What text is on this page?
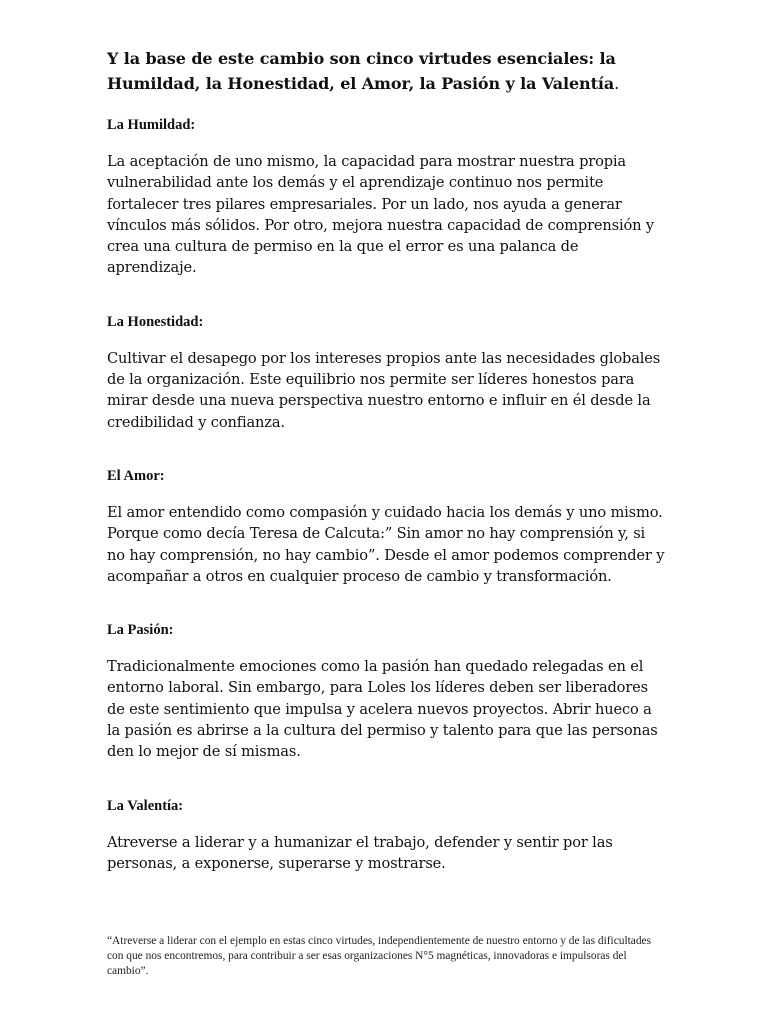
Y la base de este cambio son cinco virtudes esenciales: la Humildad, la Honestidad, el Amor, la Pasión y la Valentía.
La Humildad:

La aceptación de uno mismo, la capacidad para mostrar nuestra propia vulnerabilidad ante los demás y el aprendizaje continuo nos permite fortalecer tres pilares empresariales. Por un lado, nos ayuda a generar vínculos más sólidos. Por otro, mejora nuestra capacidad de comprensión y crea una cultura de permiso en la que el error es una palanca de aprendizaje.

La Honestidad:

Cultivar el desapego por los intereses propios ante las necesidades globales de la organización. Este equilibrio nos permite ser líderes honestos para mirar desde una nueva perspectiva nuestro entorno e influir en él desde la credibilidad y confianza.

El Amor:

El amor entendido como compasión y cuidado hacia los demás y uno mismo. Porque como decía Teresa de Calcuta:” Sin amor no hay comprensión y, si no hay comprensión, no hay cambio”. Desde el amor podemos comprender y acompañar a otros en cualquier proceso de cambio y transformación.

La Pasión:

Tradicionalmente emociones como la pasión han quedado relegadas en el entorno laboral. Sin embargo, para Loles los líderes deben ser liberadores de este sentimiento que impulsa y acelera nuevos proyectos. Abrir hueco a la pasión es abrirse a la cultura del permiso y talento para que las personas den lo mejor de sí mismas.

La Valentía:

Atreverse a liderar y a humanizar el trabajo, defender y sentir por las personas, a exponerse, superarse y mostrarse.

“Atreverse a liderar con el ejemplo en estas cinco virtudes, independientemente de nuestro entorno y de las dificultades con que nos encontremos, para contribuir a ser esas organizaciones N°5 magnéticas, innovadoras e impulsoras del cambio”.
